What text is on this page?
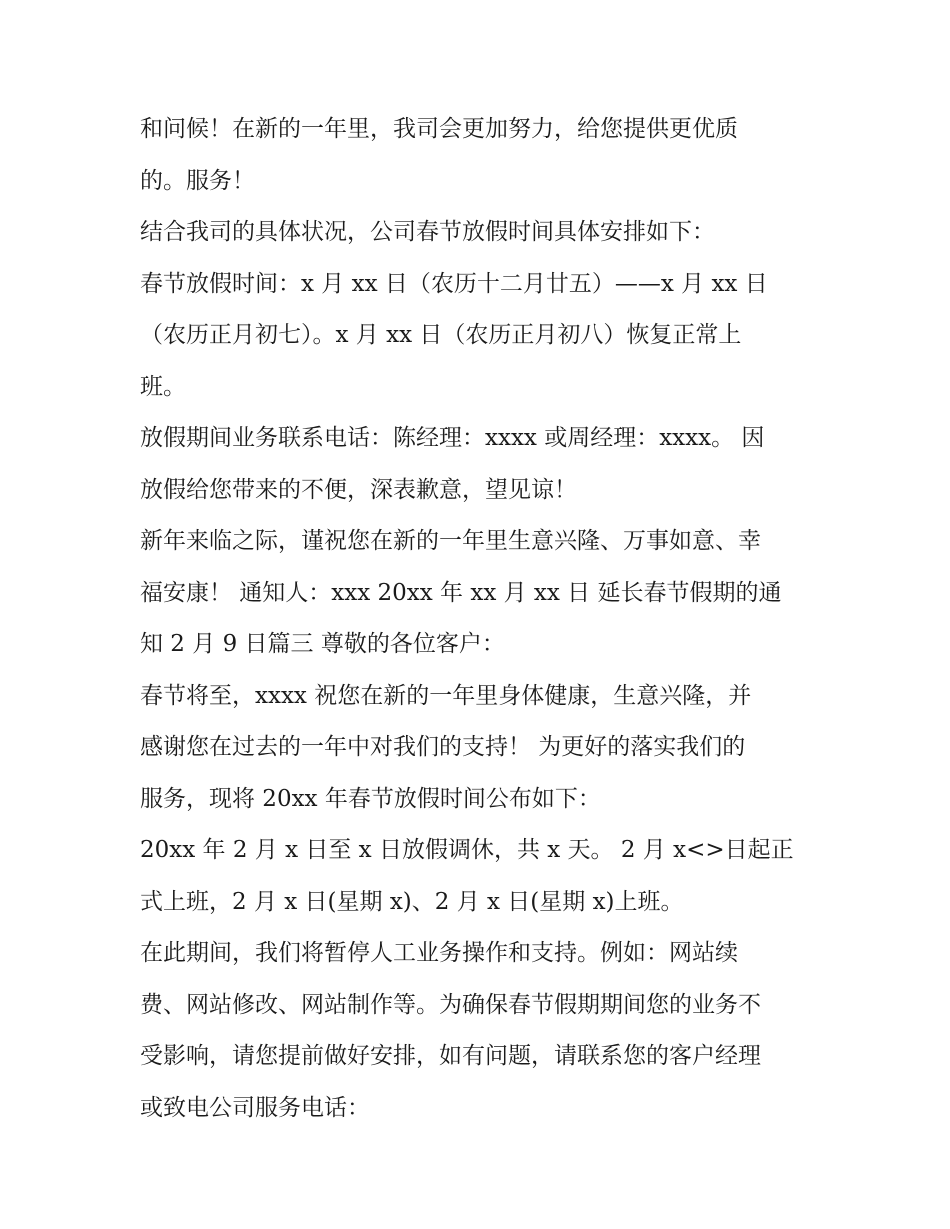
和问候！在新的一年里，我司会更加努力，给您提供更优质
的。服务！
结合我司的具体状况，公司春节放假时间具体安排如下：
春节放假时间：x 月 xx 日（农历十二月廿五）——x 月 xx 日
（农历正月初七）。x 月 xx 日（农历正月初八）恢复正常上
班。
放假期间业务联系电话：陈经理：xxxx 或周经理：xxxx。 因
放假给您带来的不便，深表歉意，望见谅！
新年来临之际，谨祝您在新的一年里生意兴隆、万事如意、幸
福安康！ 通知人：xxx 20xx 年 xx 月 xx 日 延长春节假期的通
知 2 月 9 日篇三 尊敬的各位客户：
春节将至，xxxx 祝您在新的一年里身体健康，生意兴隆，并
感谢您在过去的一年中对我们的支持！ 为更好的落实我们的
服务，现将 20xx 年春节放假时间公布如下：
20xx 年 2 月 x 日至 x 日放假调休，共 x 天。 2 月 x<>日起正
式上班，2 月 x 日(星期 x)、2 月 x 日(星期 x)上班。
在此期间，我们将暂停人工业务操作和支持。例如：网站续
费、网站修改、网站制作等。为确保春节假期期间您的业务不
受影响，请您提前做好安排，如有问题，请联系您的客户经理
或致电公司服务电话：
